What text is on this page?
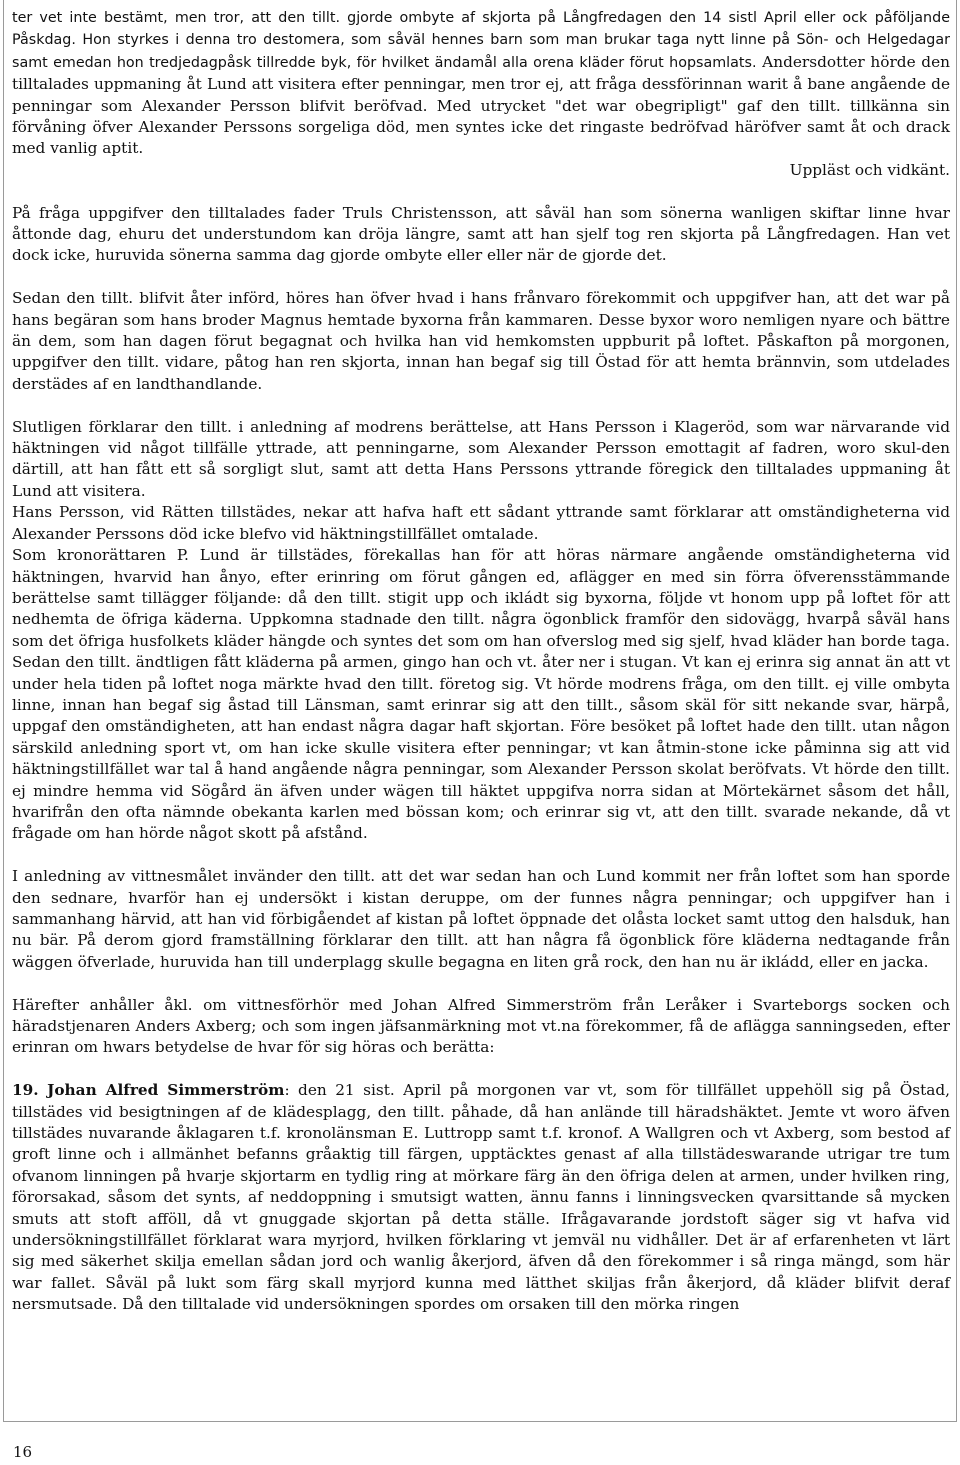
ter vet inte bestämt, men tror, att den tillt. gjorde ombyte af skjorta på Långfredagen den 14 sistl April eller ock påföljande Påskdag. Hon styrkes i denna tro destomera, som såväl hennes barn som man brukar taga nytt linne på Sön- och Helgedagar samt emedan hon tredjedagpåsk tillredde byk, för hvilket ändamål alla orena kläder förut hopsamlats. Andersdotter hörde den tilltalades uppmaning åt Lund att visitera efter penningar, men tror ej, att fråga dessförinnan warit å bane angående de penningar som Alexander Persson blifvit beröfvad. Med utrycket "det war obegripligt" gaf den tillt. tillkänna sin förvåning öfver Alexander Perssons sorgeliga död, men syntes icke det ringaste bedröfvad häröfver samt åt och drack med vanlig aptit.

Uppläst och vidkänt.

På fråga uppgifver den tilltalades fader Truls Christensson, att såväl han som sönerna wanligen skiftar linne hvar åttonde dag, ehuru det understundom kan dröja längre, samt att han sjelf tog ren skjorta på Långfredagen. Han vet dock icke, huruvida sönerna samma dag gjorde ombyte eller eller när de gjorde det.

Sedan den tillt. blifvit åter införd, höres han öfver hvad i hans frånvaro förekommit och uppgifver han, att det war på hans begäran som hans broder Magnus hemtade byxorna från kammaren. Desse byxor woro nemligen nyare och bättre än dem, som han dagen förut begagnat och hvilka han vid hemkomsten uppburit på loftet. Påskafton på morgonen, uppgifver den tillt. vidare, påtog han ren skjorta, innan han begaf sig till Östad för att hemta brännvin, som utdelades derstädes af en landthandlande.

Slutligen förklarar den tillt. i anledning af modrens berättelse, att Hans Persson i Klageröd, som war närvarande vid häktningen vid något tillfälle yttrade, att penningarne, som Alexander Persson emottagit af fadren, woro skul-den därtill, att han fått ett så sorgligt slut, samt att detta Hans Perssons yttrande föregick den tilltalades uppmaning åt Lund att visitera.

Hans Persson, vid Rätten tillstädes, nekar att hafva haft ett sådant yttrande samt förklarar att omständigheterna vid Alexander Perssons död icke blefvo vid häktningstillfället omtalade.

Som kronorättaren P. Lund är tillstädes, förekallas han för att höras närmare angående omständigheterna vid häktningen, hvarvid han ånyo, efter erinring om förut gången ed, aflägger en med sin förra öfverensstämmande berättelse samt tillägger följande: då den tillt. stigit upp och ikládt sig byxorna, följde vt honom upp på loftet för att nedhemta de öfriga käderna. Uppkomna stadnade den tillt. några ögonblick framför den sidovägg, hvarpå såväl hans som det öfriga husfolkets kläder hängde och syntes det som om han ofverslog med sig sjelf, hvad kläder han borde taga. Sedan den tillt. ändtligen fått kläderna på armen, gingo han och vt. åter ner i stugan. Vt kan ej erinra sig annat än att vt under hela tiden på loftet noga märkte hvad den tillt. företog sig. Vt hörde modrens fråga, om den tillt. ej ville ombyta linne, innan han begaf sig åstad till Länsman, samt erinrar sig att den tillt., såsom skäl för sitt nekande svar, härpå, uppgaf den omständigheten, att han endast några dagar haft skjortan. Före besöket på loftet hade den tillt. utan någon särskild anledning sport vt, om han icke skulle visitera efter penningar; vt kan åtmin-stone icke påminna sig att vid häktningstillfället war tal å hand angående några penningar, som Alexander Persson skolat beröfvats. Vt hörde den tillt. ej mindre hemma vid Sögård än äfven under wägen till häktet uppgifva norra sidan at Mörtekärnet såsom det håll, hvarifrån den ofta nämnde obekanta karlen med bössan kom; och erinrar sig vt, att den tillt. svarade nekande, då vt frågade om han hörde något skott på afstånd.

I anledning av vittnesmålet invänder den tillt. att det war sedan han och Lund kommit ner från loftet som han sporde den sednare, hvarför han ej undersökt i kistan deruppe, om der funnes några penningar; och uppgifver han i sammanhang härvid, att han vid förbigåendet af kistan på loftet öppnade det olåsta locket samt uttog den halsduk, han nu bär. På derom gjord framställning förklarar den tillt. att han några få ögonblick före kläderna nedtagande från wäggen öfverlade, huruvida han till underplagg skulle begagna en liten grå rock, den han nu är ikládd, eller en jacka.

Härefter anhåller åkl. om vittnesförhör med Johan Alfred Simmerström från Leråker i Svarteborgs socken och häradstjenaren Anders Axberg; och som ingen jäfsanmärkning mot vt.na förekommer, få de aflägga sanningseden, efter erinran om hwars betydelse de hvar för sig höras och berätta:

19. Johan Alfred Simmerström: den 21 sist. April på morgonen var vt, som för tillfället uppehöll sig på Östad, tillstädes vid besigtningen af de klädesplagg, den tillt. påhade, då han anlände till häradshäktet. Jemte vt woro äfven tillstädes nuvarande åklagaren t.f. kronolänsman E. Luttropp samt t.f. kronof. A Wallgren och vt Axberg, som bestod af groft linne och i allmänhet befanns gråaktig till färgen, upptäcktes genast af alla tillstädeswarande utrigar tre tum ofvanom linningen på hvarje skjortarm en tydlig ring at mörkare färg än den öfriga delen at armen, under hvilken ring, förorsakad, såsom det synts, af neddoppning i smutsigt watten, ännu fanns i linningsvecken qvarsittande så mycken smuts att stoft afföll, då vt gnuggade skjortan på detta ställe. Ifrågavarande jordstoft säger sig vt hafva vid undersökningstillfället förklarat wara myrjord, hvilken förklaring vt jemväl nu vidhåller. Det är af erfarenheten vt lärt sig med säkerhet skilja emellan sådan jord och wanlig åkerjord, äfven då den förekommer i så ringa mängd, som här war fallet. Såväl på lukt som färg skall myrjord kunna med lätthet skiljas från åkerjord, då kläder blifvit deraf nersmutsade. Då den tilltalade vid undersökningen spordes om orsaken till den mörka ringen

16
